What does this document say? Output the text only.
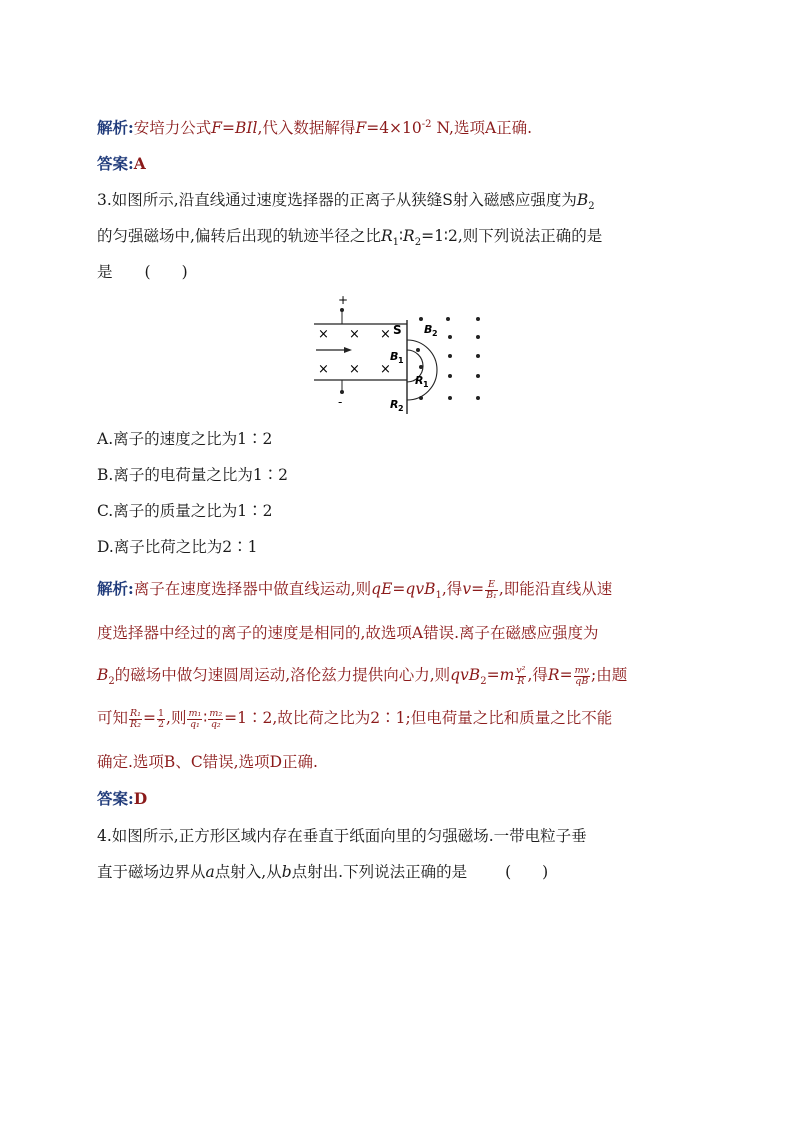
解析:安培力公式F=BIl,代入数据解得$F=4\times 10^{-2}$ N,选项A正确.
答案:A
3.如图所示,沿直线通过速度选择器的正离子从狭缝S射入磁感应强度为$B_2$
的匀强磁场中,偏转后出现的轨迹半径之比$R_1∶R_2=1∶2$,则下列说法正确的是
是 (　　)
+
-
× × ×
× × ×
S B 2
B 1
R 1
R 2
A.离子的速度之比为1∶2
B.离子的电荷量之比为1∶2
C.离子的质量之比为1∶2
D.离子比荷之比为2∶1
解析:离子在速度选择器中做直线运动,则qE=qvB$_1$,得$v= \frac{E}{\text{B₁}}$ ,即能沿直线从速
度选择器中经过的离子的速度是相同的,故选项A错误.离子在磁感应强度为
$B_2$的磁场中做匀速圆周运动,洛伦兹力提供向心力,则$qvB_2=m \frac{\text{v²}}{R}$ ,得$R= \frac{mv}{qB}$ ;由题
可知 $\frac{\text{R₁}}{\text{R₂}} = \frac{1}{2}$ ,则 $\frac{\text{m₁}}{\text{q₁}}$ ∶ $\frac{\text{m₂}}{\text{q₂}}$ =1∶2,故比荷之比为2∶1;但电荷量之比和质量之比不能
确定.选项B、C错误,选项D正确.
答案:D
4.如图所示,正方形区域内存在垂直于纸面向里的匀强磁场.一带电粒子垂
直于磁场边界从a点射入,从b点射出.下列说法正确的是 (　　)
